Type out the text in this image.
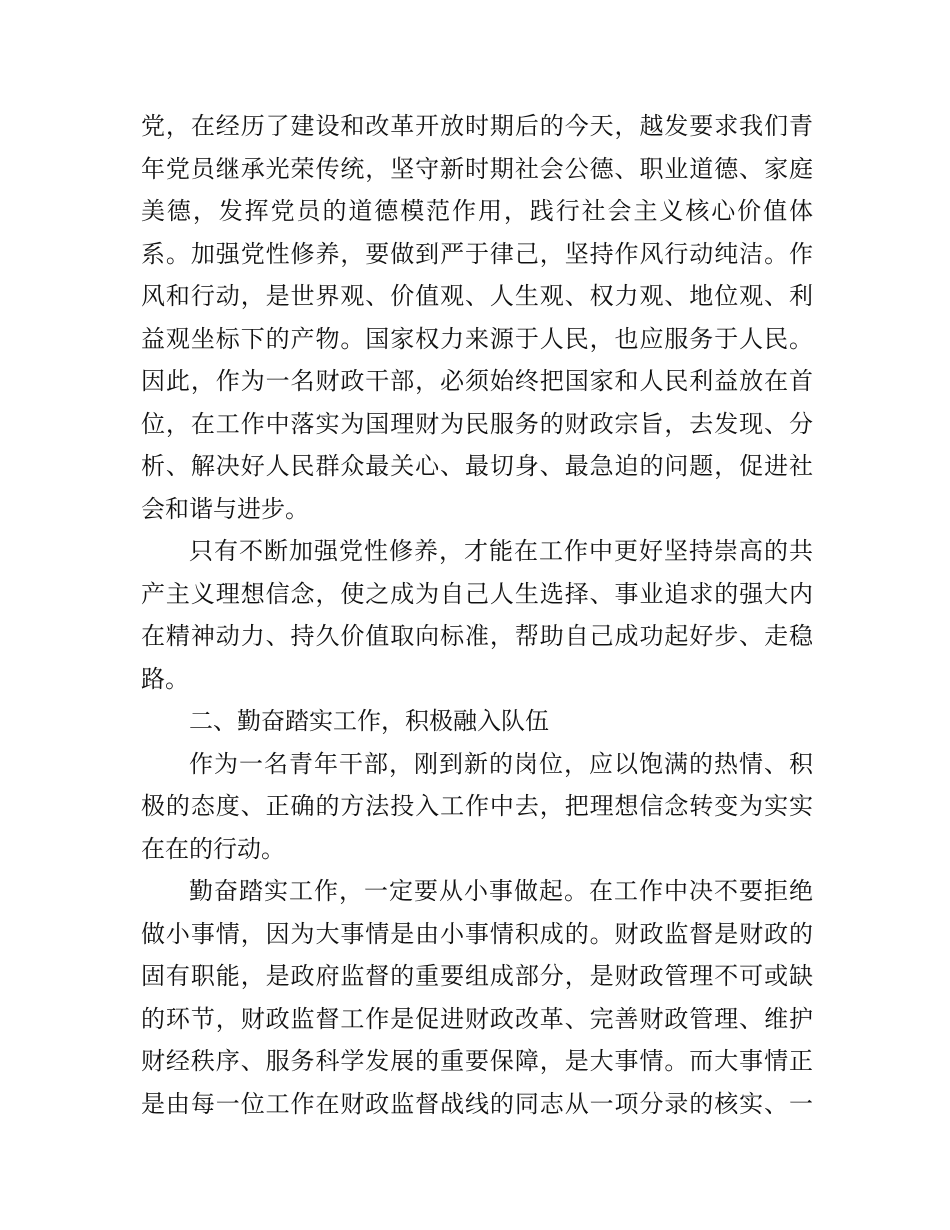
党，在经历了建设和改革开放时期后的今天，越发要求我们青
年党员继承光荣传统，坚守新时期社会公德、职业道德、家庭
美德，发挥党员的道德模范作用，践行社会主义核心价值体
系。加强党性修养，要做到严于律己，坚持作风行动纯洁。作
风和行动，是世界观、价值观、人生观、权力观、地位观、利
益观坐标下的产物。国家权力来源于人民，也应服务于人民。
因此，作为一名财政干部，必须始终把国家和人民利益放在首
位，在工作中落实为国理财为民服务的财政宗旨，去发现、分
析、解决好人民群众最关心、最切身、最急迫的问题，促进社
会和谐与进步。
只有不断加强党性修养，才能在工作中更好坚持崇高的共
产主义理想信念，使之成为自己人生选择、事业追求的强大内
在精神动力、持久价值取向标准，帮助自己成功起好步、走稳
路。
二、勤奋踏实工作，积极融入队伍
作为一名青年干部，刚到新的岗位，应以饱满的热情、积
极的态度、正确的方法投入工作中去，把理想信念转变为实实
在在的行动。
勤奋踏实工作，一定要从小事做起。在工作中决不要拒绝
做小事情，因为大事情是由小事情积成的。财政监督是财政的
固有职能，是政府监督的重要组成部分，是财政管理不可或缺
的环节，财政监督工作是促进财政改革、完善财政管理、维护
财经秩序、服务科学发展的重要保障，是大事情。而大事情正
是由每一位工作在财政监督战线的同志从一项分录的核实、一
